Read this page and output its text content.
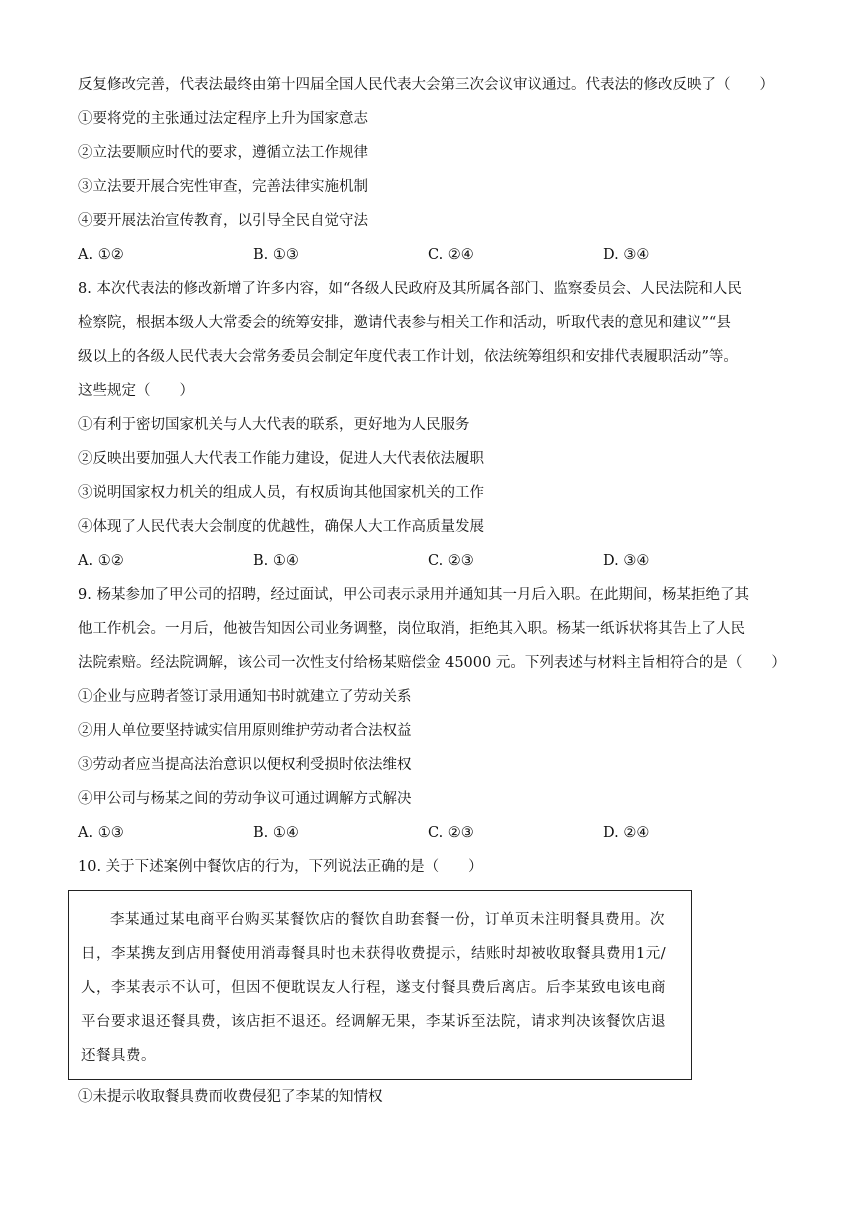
反复修改完善，代表法最终由第十四届全国人民代表大会第三次会议审议通过。代表法的修改反映了（　　）
①要将党的主张通过法定程序上升为国家意志
②立法要顺应时代的要求，遵循立法工作规律
③立法要开展合宪性审查，完善法律实施机制
④要开展法治宣传教育，以引导全民自觉守法
A. ①②	B. ①③	C. ②④	D. ③④
8. 本次代表法的修改新增了许多内容，如“各级人民政府及其所属各部门、监察委员会、人民法院和人民
检察院，根据本级人大常委会的统筹安排，邀请代表参与相关工作和活动，听取代表的意见和建议”“县
级以上的各级人民代表大会常务委员会制定年度代表工作计划，依法统筹组织和安排代表履职活动”等。
这些规定（　　）
①有利于密切国家机关与人大代表的联系，更好地为人民服务
②反映出要加强人大代表工作能力建设，促进人大代表依法履职
③说明国家权力机关的组成人员，有权质询其他国家机关的工作
④体现了人民代表大会制度的优越性，确保人大工作高质量发展
A. ①②	B. ①④	C. ②③	D. ③④
9. 杨某参加了甲公司的招聘，经过面试，甲公司表示录用并通知其一月后入职。在此期间，杨某拒绝了其
他工作机会。一月后，他被告知因公司业务调整，岗位取消，拒绝其入职。杨某一纸诉状将其告上了人民
法院索赔。经法院调解，该公司一次性支付给杨某赔偿金 45000 元。下列表述与材料主旨相符合的是（　　）
①企业与应聘者签订录用通知书时就建立了劳动关系
②用人单位要坚持诚实信用原则维护劳动者合法权益
③劳动者应当提高法治意识以便权利受损时依法维权
④甲公司与杨某之间的劳动争议可通过调解方式解决
A. ①③	B. ①④	C. ②③	D. ②④
10. 关于下述案例中餐饮店的行为，下列说法正确的是（　　）
李某通过某电商平台购买某餐饮店的餐饮自助套餐一份，订单页未注明餐具费用。次日，李某携友到店用餐使用消毒餐具时也未获得收费提示，结账时却被收取餐具费用1元/人，李某表示不认可，但因不便耽误友人行程，遂支付餐具费后离店。后李某致电该电商平台要求退还餐具费，该店拒不退还。经调解无果，李某诉至法院，请求判决该餐饮店退还餐具费。
①未提示收取餐具费而收费侵犯了李某的知情权
